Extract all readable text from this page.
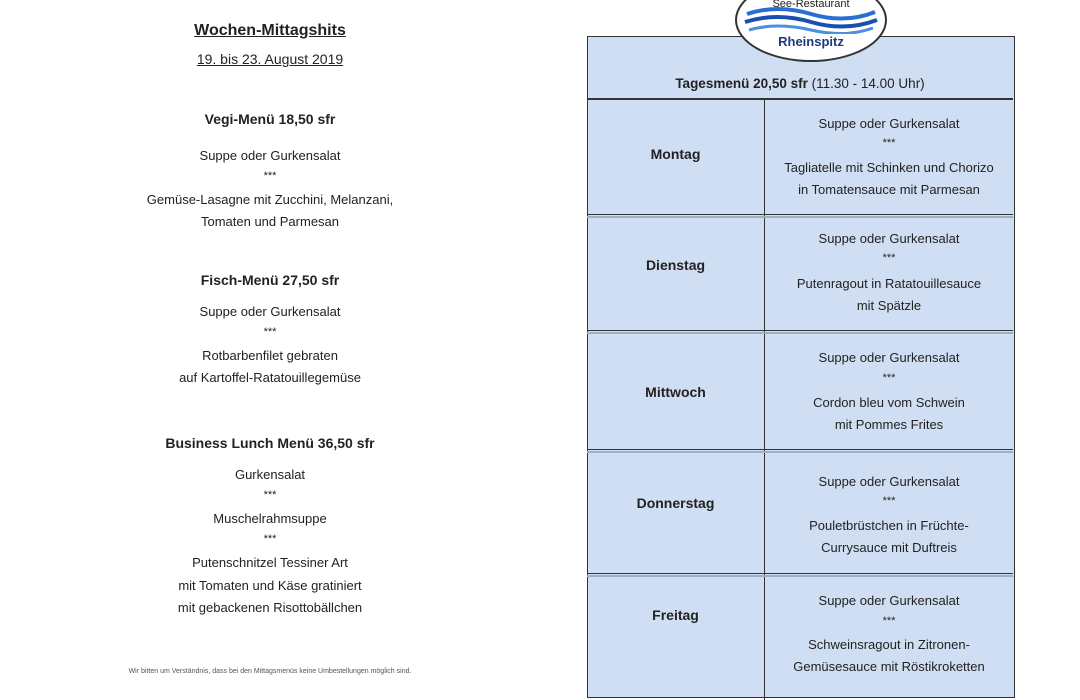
Wochen-Mittagshits
19. bis 23. August 2019
Vegi-Menü 18,50 sfr
Suppe oder Gurkensalat
***
Gemüse-Lasagne mit Zucchini, Melanzani,
Tomaten und Parmesan
Fisch-Menü 27,50 sfr
Suppe oder Gurkensalat
***
Rotbarbenfilet gebraten
auf Kartoffel-Ratatouillegemüse
Business Lunch Menü 36,50 sfr
Gurkensalat
***
Muschelrahmsuppe
***
Putenschnitzel Tessiner Art
mit Tomaten und Käse gratiniert
mit gebackenen Risottobällchen
Wir bitten um Verständnis, dass bei den Mittagsmenüs keine Umbestellungen möglich sind.
Tagesmenü 20,50 sfr (11.30 - 14.00 Uhr)
Montag
Suppe oder Gurkensalat
***
Tagliatelle mit Schinken und Chorizo
in Tomatensauce mit Parmesan
Dienstag
Suppe oder Gurkensalat
***
Putenragout in Ratatouillesauce
mit Spätzle
Mittwoch
Suppe oder Gurkensalat
***
Cordon bleu vom Schwein
mit Pommes Frites
Donnerstag
Suppe oder Gurkensalat
***
Pouletbrüstchen in Früchte-
Currysauce mit Duftreis
Freitag
Suppe oder Gurkensalat
***
Schweinsragout in Zitronen-
Gemüsesauce mit Röstikroketten
See-Restaurant
Rheinspitz
